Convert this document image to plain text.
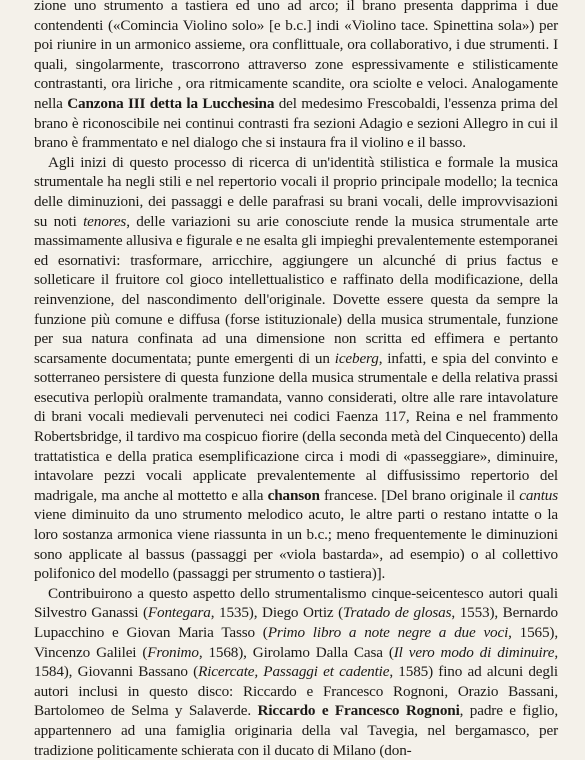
zione uno strumento a tastiera ed uno ad arco; il brano presenta dapprima i due contendenti («Comincia Violino solo» [e b.c.] indi «Violino tace. Spinettina sola») per poi riunire in un armonico assieme, ora conflittuale, ora collaborativo, i due strumenti. I quali, singolarmente, trascorrono attraverso zone espressivamente e stilisticamente contrastanti, ora liriche , ora ritmicamente scandite, ora sciolte e veloci. Analogamente nella Canzona III detta la Lucchesina del medesimo Frescobaldi, l'essenza prima del brano è riconoscibile nei continui contrasti fra sezioni Adagio e sezioni Allegro in cui il brano è frammentato e nel dialogo che si instaura fra il violino e il basso.

Agli inizi di questo processo di ricerca di un'identità stilistica e formale la musica strumentale ha negli stili e nel repertorio vocali il proprio principale modello; la tecnica delle diminuzioni, dei passaggi e delle parafrasi su brani vocali, delle improvvisazioni su noti tenores, delle variazioni su arie conosciute rende la musica strumentale arte massimamente allusiva e figurale e ne esalta gli impieghi prevalentemente estemporanei ed esornativi: trasformare, arricchire, aggiungere un alcunché di prius factus e solleticare il fruitore col gioco intellettualistico e raffinato della modificazione, della reinvenzione, del nascondimento dell'originale. Dovette essere questa da sempre la funzione più comune e diffusa (forse istituzionale) della musica strumentale, funzione per sua natura confinata ad una dimensione non scritta ed effimera e pertanto scarsamente documentata; punte emergenti di un iceberg, infatti, e spia del convinto e sotterraneo persistere di questa funzione della musica strumentale e della relativa prassi esecutiva perlopiù oralmente tramandata, vanno considerati, oltre alle rare intavolature di brani vocali medievali pervenuteci nei codici Faenza 117, Reina e nel frammento Robertsbridge, il tardivo ma cospicuo fiorire (della seconda metà del Cinquecento) della trattatistica e della pratica esemplificazione circa i modi di «passeggiare», diminuire, intavolare pezzi vocali applicate prevalentemente al diffusissimo repertorio del madrigale, ma anche al mottetto e alla chanson francese. [Del brano originale il cantus viene diminuito da uno strumento melodico acuto, le altre parti o restano intatte o la loro sostanza armonica viene riassunta in un b.c.; meno frequentemente le diminuzioni sono applicate al bassus (passaggi per «viola bastarda», ad esempio) o al collettivo polifonico del modello (passaggi per strumento o tastiera)].

Contribuirono a questo aspetto dello strumentalismo cinque-seicentesco autori quali Silvestro Ganassi (Fontegara, 1535), Diego Ortiz (Tratado de glosas, 1553), Bernardo Lupacchino e Giovan Maria Tasso (Primo libro a note negre a due voci, 1565), Vincenzo Galilei (Fronimo, 1568), Girolamo Dalla Casa (Il vero modo di diminuire, 1584), Giovanni Bassano (Ricercate, Passaggi et cadentie, 1585) fino ad alcuni degli autori inclusi in questo disco: Riccardo e Francesco Rognoni, Orazio Bassani, Bartolomeo de Selma y Salaverde. Riccardo e Francesco Rognoni, padre e figlio, appartennero ad una famiglia originaria della val Tavegia, nel bergamasco, per tradizione politicamente schierata con il ducato di Milano (don-
